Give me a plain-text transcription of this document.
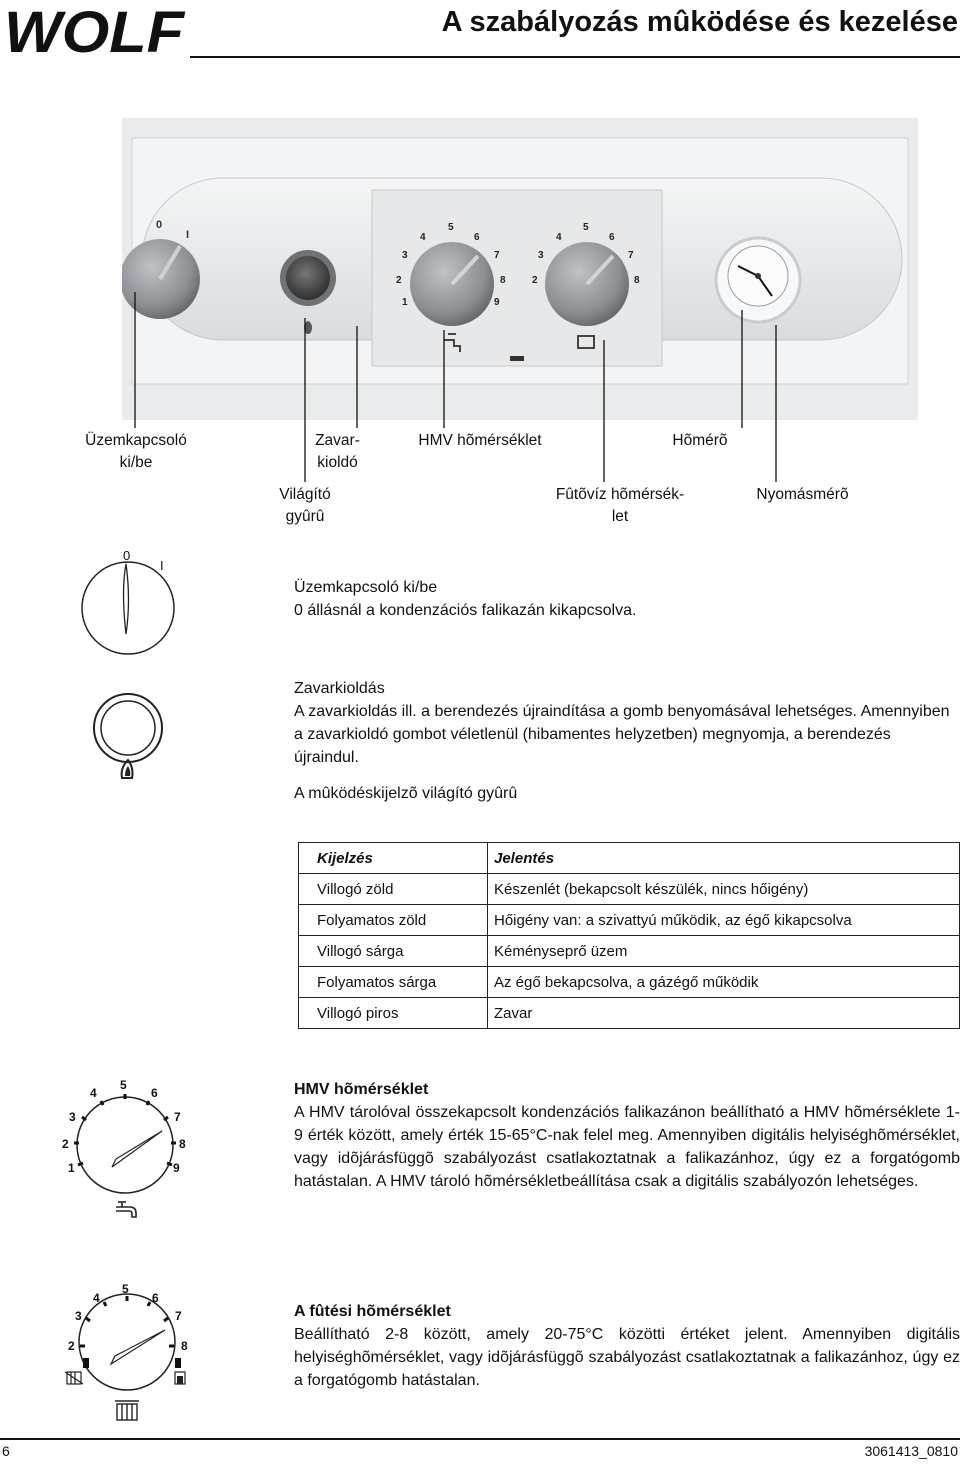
WOLF	A szabályozás mûködése és kezelése
0
I
1
2
3
4
5
6
7
8
9
2
3
4
5
6
7
8
Üzemkapcsoló
ki/be
Zavar-
kioldó
HMV hõmérséklet	Hõmérõ
Világító
gyûrû
Fûtõvíz hõmérsék-
let
Nyomásmérõ
0
I
Üzemkapcsoló ki/be
0 állásnál a kondenzációs falikazán kikapcsolva.
Zavarkioldás
A zavarkioldás ill. a berendezés újraindítása a gomb benyomásával lehetséges. Amennyiben a zavarkioldó gombot véletlenül (hibamentes helyzetben) megnyomja, a berendezés újraindul.
A mûködéskijelzõ világító gyûrû
Kijelzés	Jelentés
Villogó zöld	Készenlét (bekapcsolt készülék, nincs hőigény)
Folyamatos zöld	Hőigény van: a szivattyú működik, az égő kikapcsolva
Villogó sárga	Kéményseprő üzem
Folyamatos sárga	Az égő bekapcsolva, a gázégő működik
Villogó piros	Zavar
1
2
3
4
5
6
7
8
9
HMV hõmérséklet
A HMV tárolóval összekapcsolt kondenzációs falikazánon beállítható a HMV hõmérséklete 1-9 érték között, amely érték 15-65°C-nak felel meg. Amennyiben digitális helyiséghõmérséklet, vagy idõjárásfüggõ szabályozást csatlakoztatnak a falikazánhoz, úgy ez a forgatógomb hatástalan. A HMV tároló hõmérsékletbeállítása csak a digitális szabályozón lehetséges.
2
3
4
5
6
7
8
A fûtési hõmérséklet
Beállítható 2-8 között, amely 20-75°C közötti értéket jelent. Amennyiben digitális helyiséghõmérséklet, vagy idõjárásfüggõ szabályozást csatlakoztatnak a falikazánhoz, úgy ez a forgatógomb hatástalan.
6	3061413_0810
